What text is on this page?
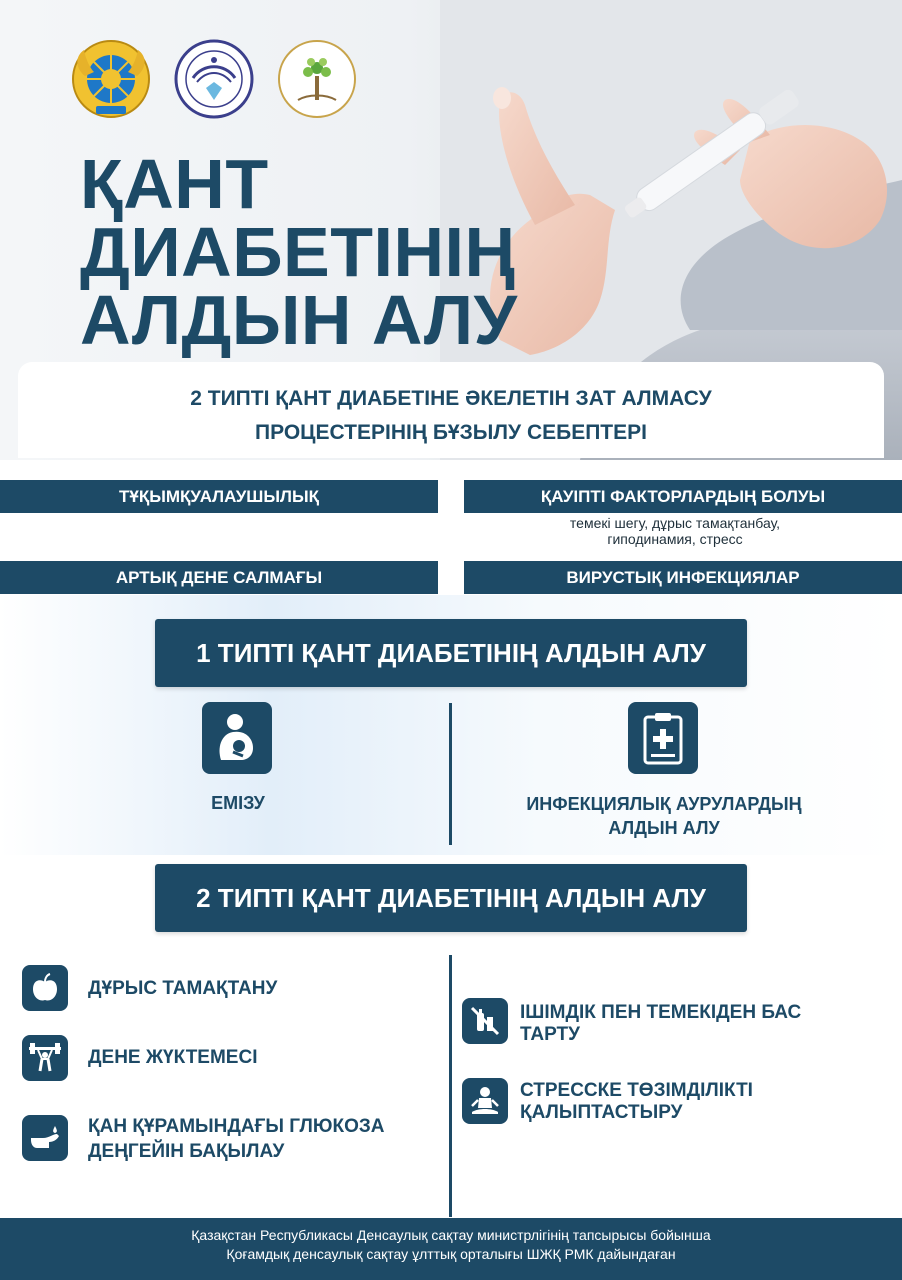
ҚАНТ
ДИАБЕТІНІҢ
АЛДЫН АЛУ
2 ТИПТІ ҚАНТ ДИАБЕТІНЕ ӘКЕЛЕТІН ЗАТ АЛМАСУ
ПРОЦЕСТЕРІНІҢ БҰЗЫЛУ СЕБЕПТЕРІ
ТҰҚЫМҚУАЛАУШЫЛЫҚ	ҚАУІПТІ ФАКТОРЛАРДЫҢ БОЛУЫ
темекі шегу, дұрыс тамақтанбау,
гиподинамия, стресс
АРТЫҚ ДЕНЕ САЛМАҒЫ	ВИРУСТЫҚ ИНФЕКЦИЯЛАР
1 ТИПТІ ҚАНТ ДИАБЕТІНІҢ АЛДЫН АЛУ
ЕМІЗУ	ИНФЕКЦИЯЛЫҚ АУРУЛАРДЫҢ
АЛДЫН АЛУ
2 ТИПТІ ҚАНТ ДИАБЕТІНІҢ АЛДЫН АЛУ
ДҰРЫС ТАМАҚТАНУ
ДЕНЕ ЖҮКТЕМЕСІ
ҚАН ҚҰРАМЫНДАҒЫ ГЛЮКОЗА
ДЕҢГЕЙІН БАҚЫЛАУ
ІШІМДІК ПЕН ТЕМЕКІДЕН БАС
ТАРТУ
СТРЕССКЕ ТӨЗІМДІЛІКТІ
ҚАЛЫПТАСТЫРУ
Қазақстан Республикасы Денсаулық сақтау министрлігінің тапсырысы бойынша
Қоғамдық денсаулық сақтау ұлттық орталығы ШЖҚ РМК дайындаған
